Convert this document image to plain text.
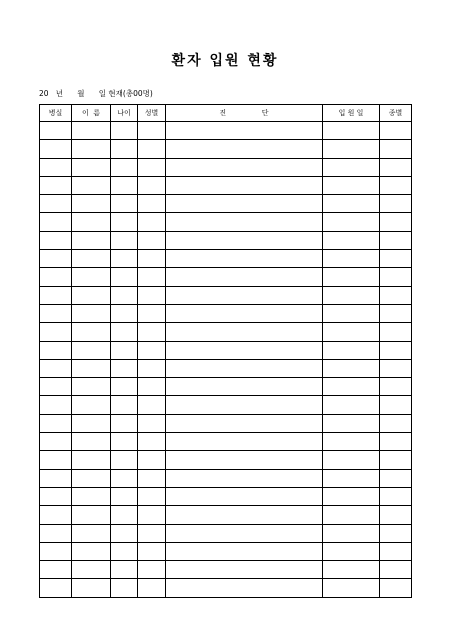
환자 입원 현황
20   년      월      일 현재(총00명)
병실	이  름	나이	성별	진                단	입 원 일	종별
